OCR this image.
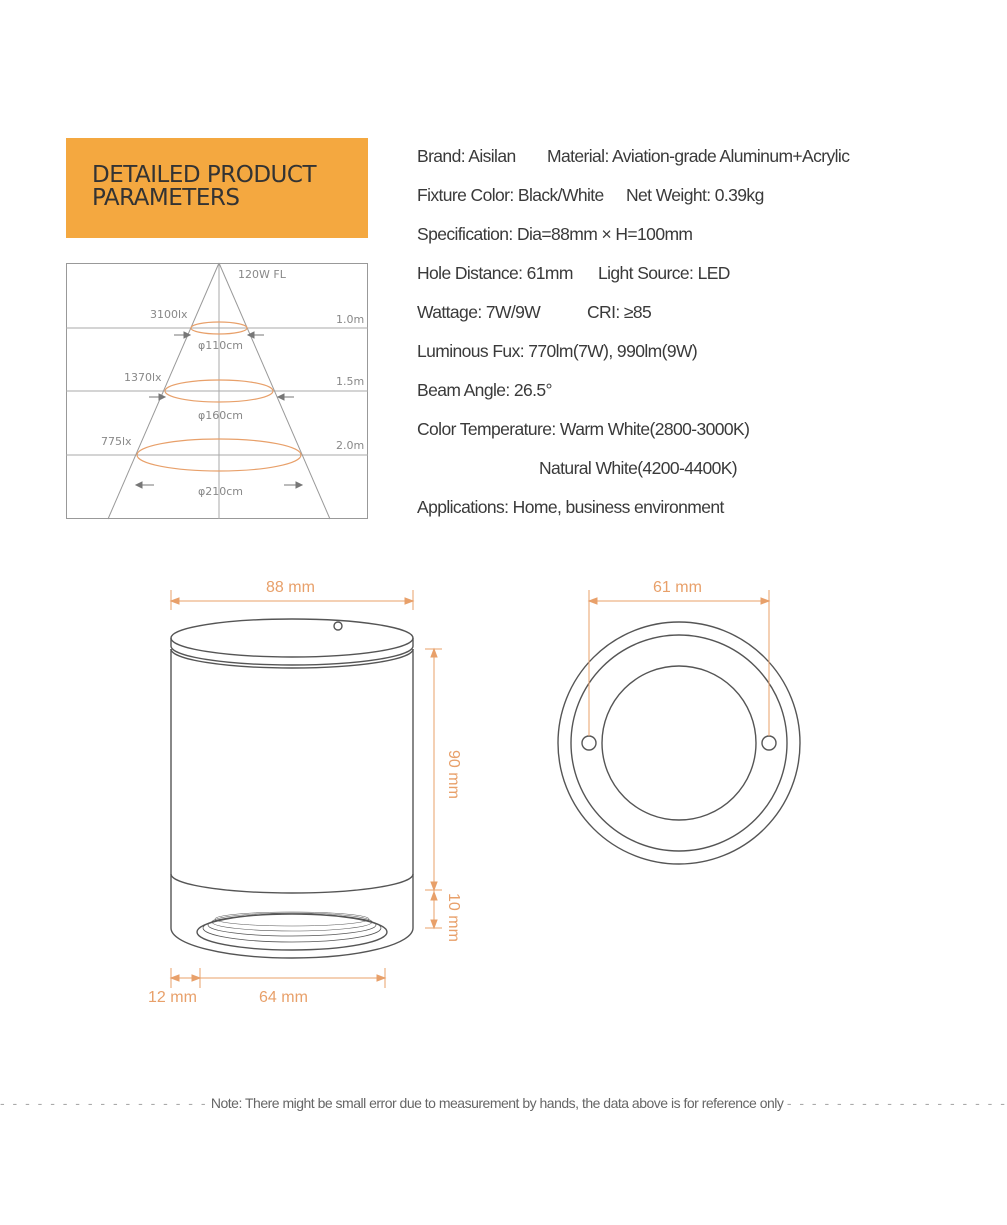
DETAILED PRODUCT PARAMETERS
120W FL
3100lx	1.0m
φ110cm
1370lx	1.5m
φ160cm
775lx	2.0m
φ210cm
Brand: Aisilan Material: Aviation-grade Aluminum+Acrylic
Fixture Color: Black/White Net Weight: 0.39kg
Specification: Dia=88mm × H=100mm
Hole Distance: 61mm Light Source: LED
Wattage: 7W/9W	CRI: ≥85
Luminous Fux: 770lm(7W), 990lm(9W)
Beam Angle: 26.5°
Color Temperature: Warm White(2800-3000K)
Natural White(4200-4400K)
Applications: Home, business environment
88 mm
90 mm
10 mm
12 mm	64 mm
61 mm
- - - - - - - - - - - - - - - - - Note: There might be small error due to measurement by hands, the data above is for reference only - - - - - - - - - - - - - - - - - -
